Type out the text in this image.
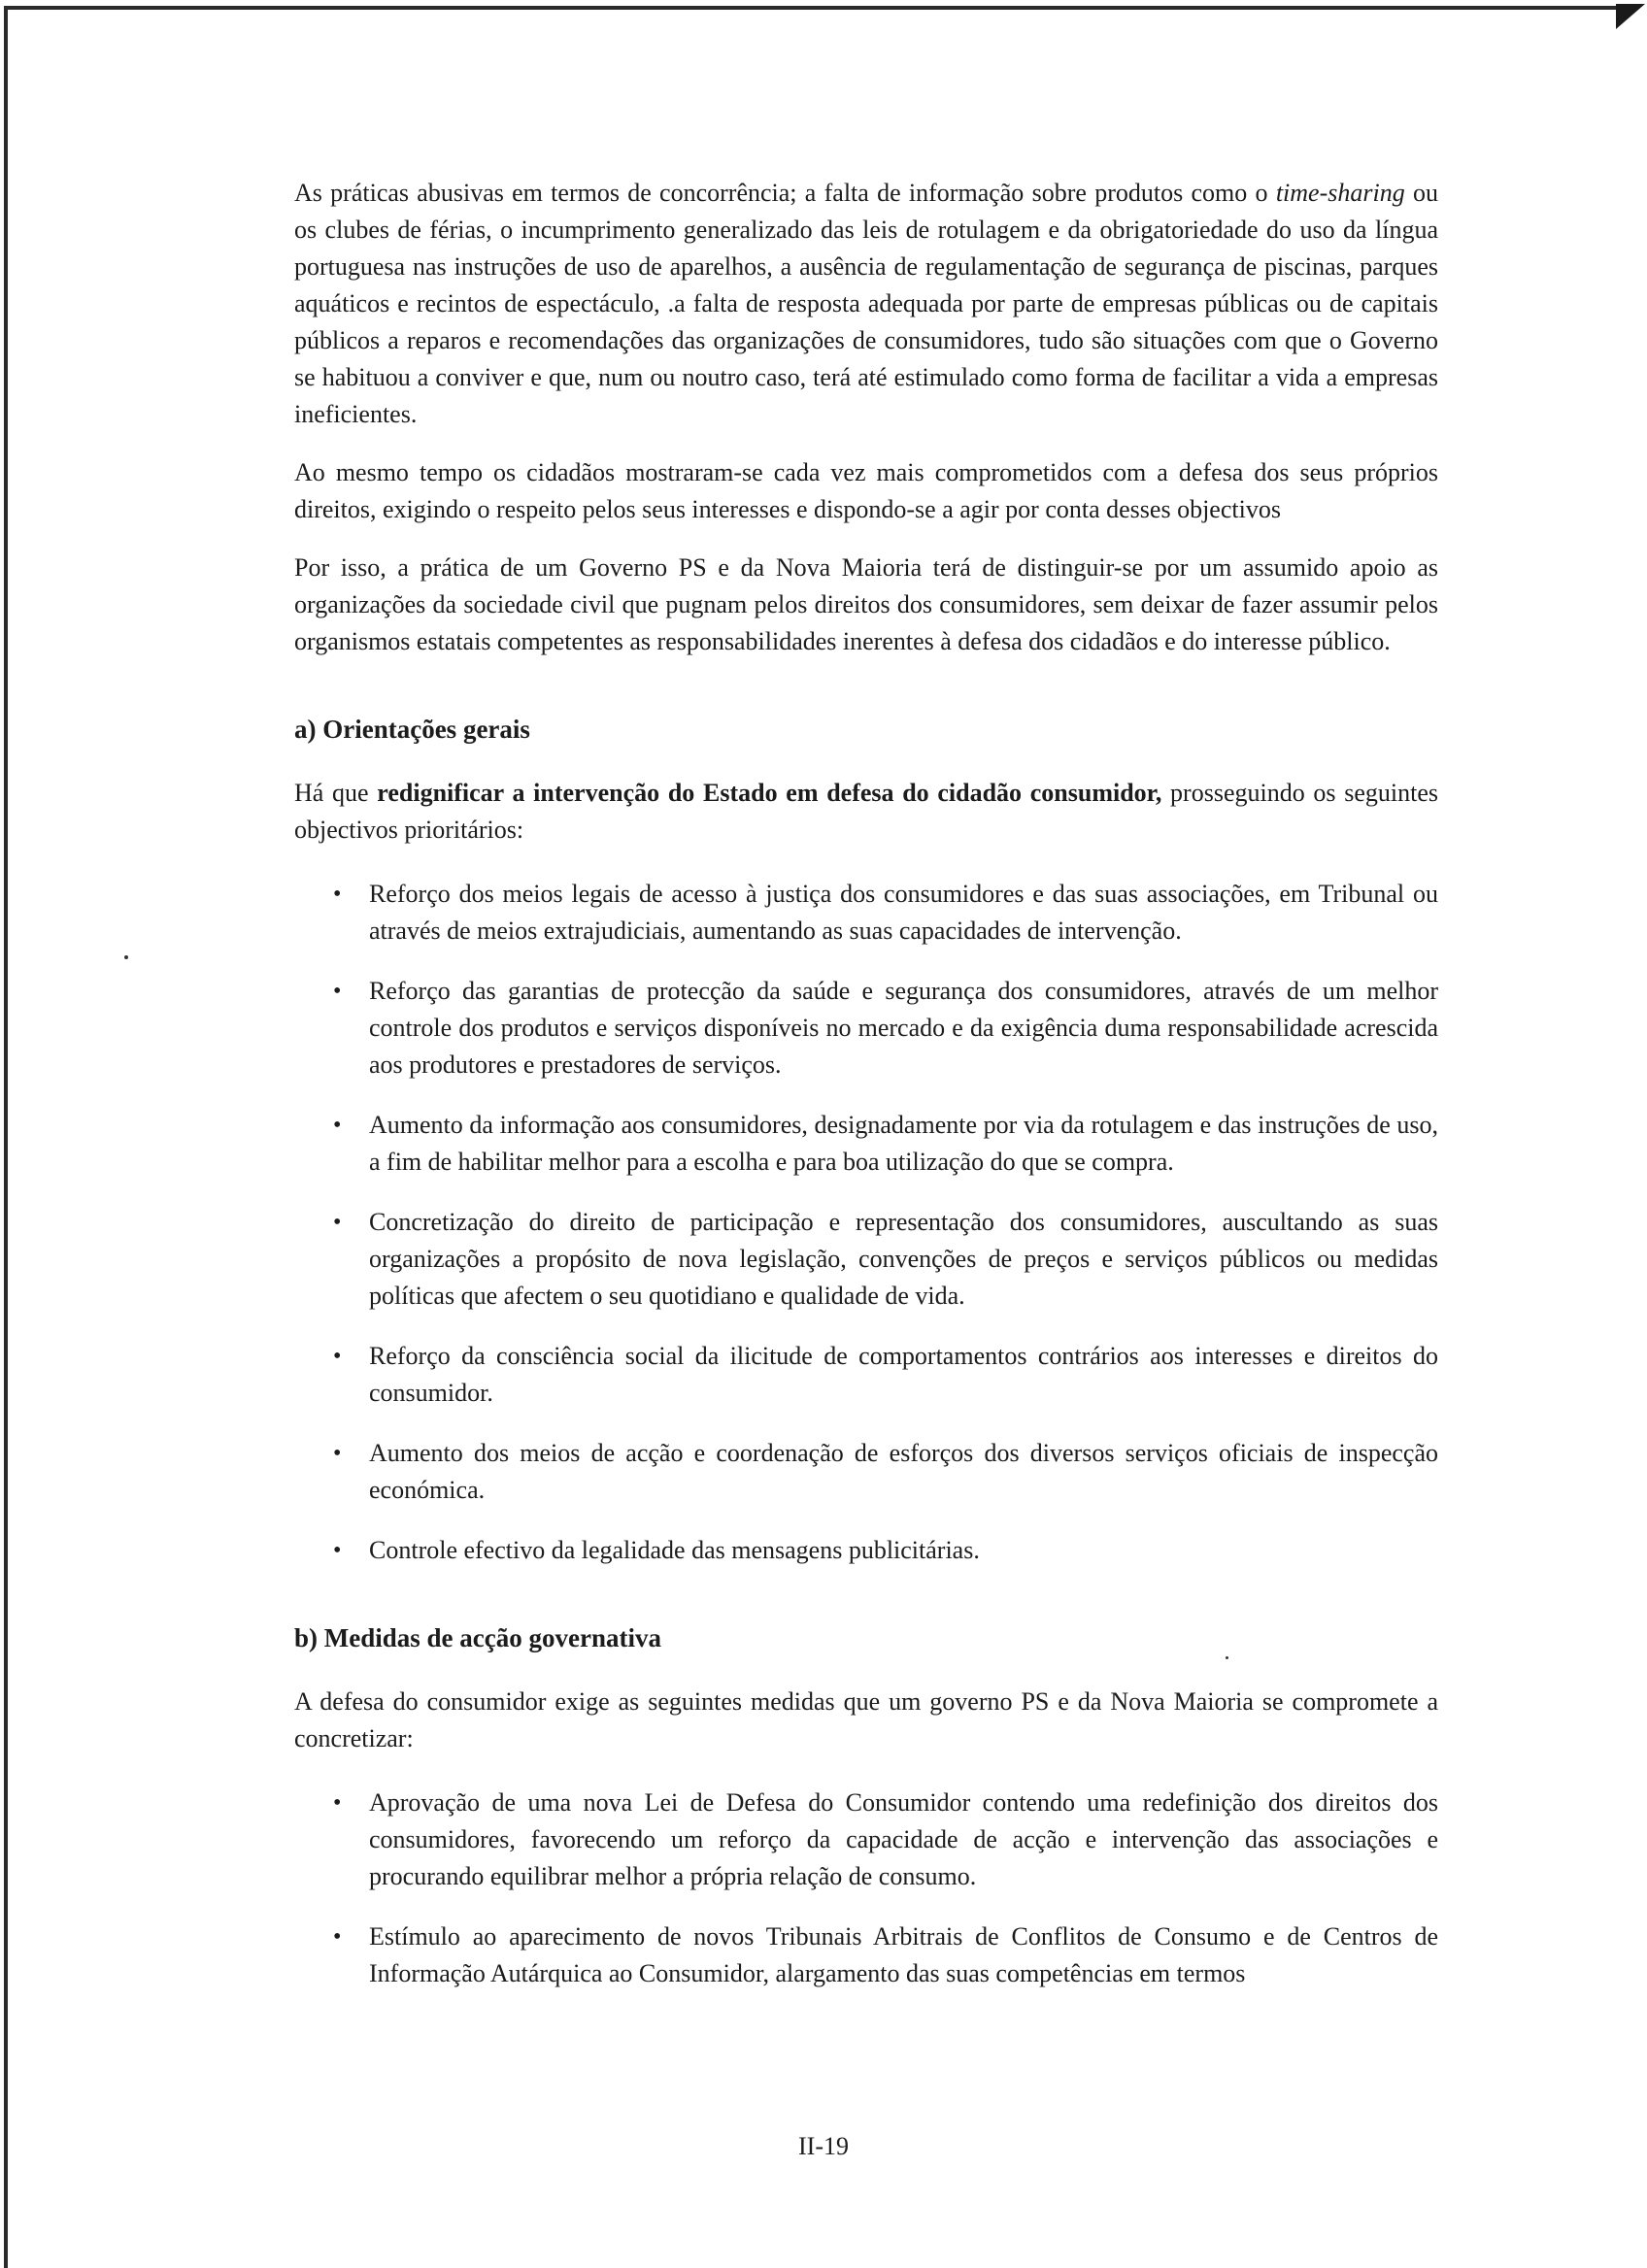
As práticas abusivas em termos de concorrência; a falta de informação sobre produtos como o time-sharing ou os clubes de férias, o incumprimento generalizado das leis de rotulagem e da obrigatoriedade do uso da língua portuguesa nas instruções de uso de aparelhos, a ausência de regulamentação de segurança de piscinas, parques aquáticos e recintos de espectáculo, .a falta de resposta adequada por parte de empresas públicas ou de capitais públicos a reparos e recomendações das organizações de consumidores, tudo são situações com que o Governo se habituou a conviver e que, num ou noutro caso, terá até estimulado como forma de facilitar a vida a empresas ineficientes.

Ao mesmo tempo os cidadãos mostraram-se cada vez mais comprometidos com a defesa dos seus próprios direitos, exigindo o respeito pelos seus interesses e dispondo-se a agir por conta desses objectivos

Por isso, a prática de um Governo PS e da Nova Maioria terá de distinguir-se por um assumido apoio as organizações da sociedade civil que pugnam pelos direitos dos consumidores, sem deixar de fazer assumir pelos organismos estatais competentes as responsabilidades inerentes à defesa dos cidadãos e do interesse público.

a) Orientações gerais

Há que redignificar a intervenção do Estado em defesa do cidadão consumidor, prosseguindo os seguintes objectivos prioritários:

• Reforço dos meios legais de acesso à justiça dos consumidores e das suas associações, em Tribunal ou através de meios extrajudiciais, aumentando as suas capacidades de intervenção.
• Reforço das garantias de protecção da saúde e segurança dos consumidores, através de um melhor controle dos produtos e serviços disponíveis no mercado e da exigência duma responsabilidade acrescida aos produtores e prestadores de serviços.
• Aumento da informação aos consumidores, designadamente por via da rotulagem e das instruções de uso, a fim de habilitar melhor para a escolha e para boa utilização do que se compra.
• Concretização do direito de participação e representação dos consumidores, auscultando as suas organizações a propósito de nova legislação, convenções de preços e serviços públicos ou medidas políticas que afectem o seu quotidiano e qualidade de vida.
• Reforço da consciência social da ilicitude de comportamentos contrários aos interesses e direitos do consumidor.
• Aumento dos meios de acção e coordenação de esforços dos diversos serviços oficiais de inspecção económica.
• Controle efectivo da legalidade das mensagens publicitárias.

b) Medidas de acção governativa

A defesa do consumidor exige as seguintes medidas que um governo PS e da Nova Maioria se compromete a concretizar:

• Aprovação de uma nova Lei de Defesa do Consumidor contendo uma redefinição dos direitos dos consumidores, favorecendo um reforço da capacidade de acção e intervenção das associações e procurando equilibrar melhor a própria relação de consumo.
• Estímulo ao aparecimento de novos Tribunais Arbitrais de Conflitos de Consumo e de Centros de Informação Autárquica ao Consumidor, alargamento das suas competências em termos
II-19
